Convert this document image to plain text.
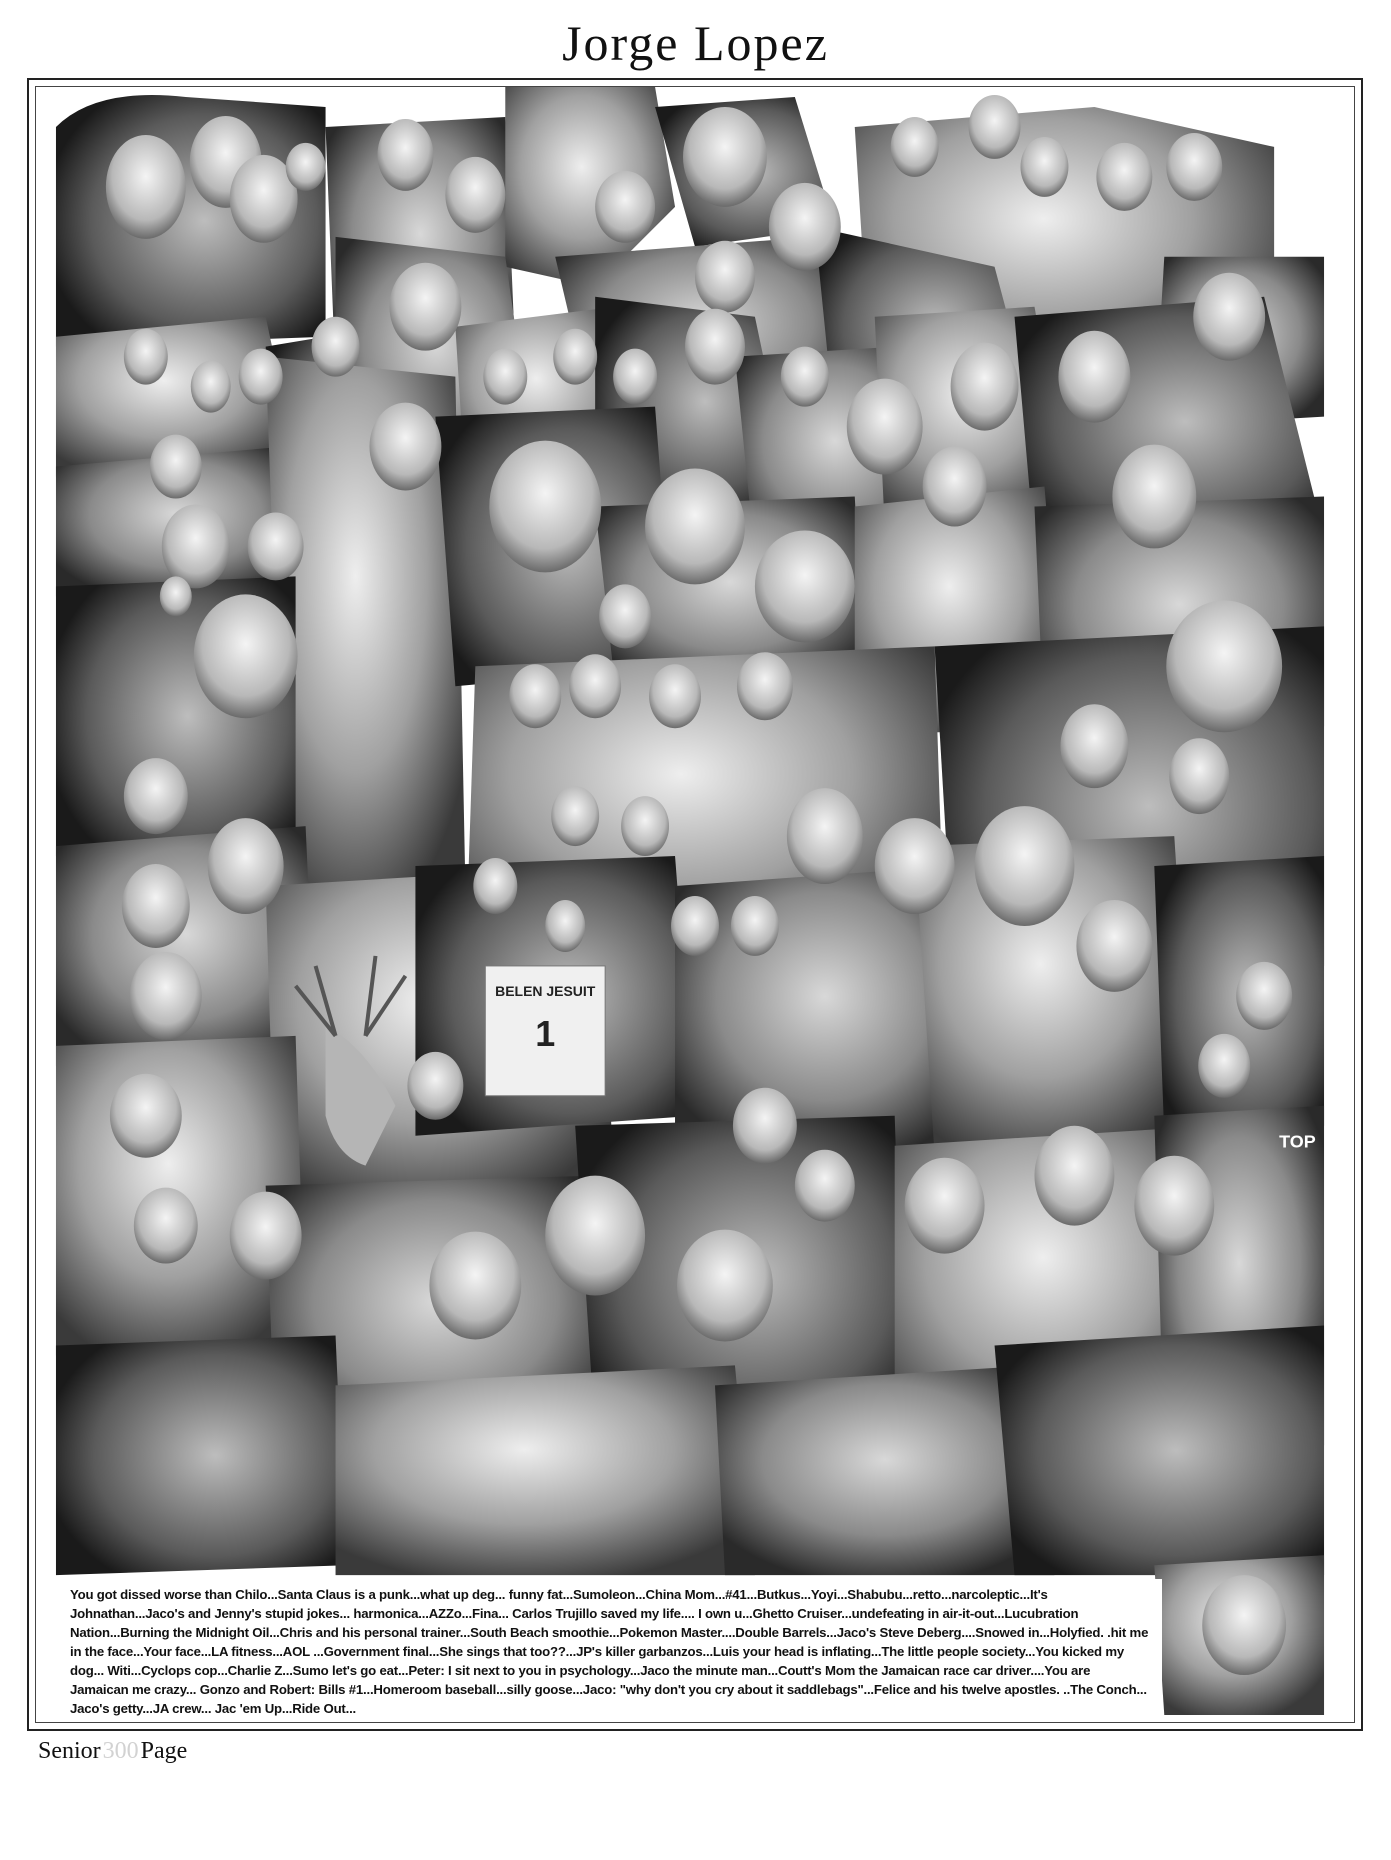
Jorge Lopez
BELEN JESUIT
1
TOP
You got dissed worse than Chilo...Santa Claus is a punk...what up deg... funny fat...Sumoleon...China Mom...#41...Butkus...Yoyi...Shabubu...retto...narcoleptic...It's Johnathan...Jaco's and Jenny's stupid jokes... harmonica...AZZo...Fina... Carlos Trujillo saved my life.... I own u...Ghetto Cruiser...undefeating in air-it-out...Lucubration Nation...Burning the Midnight Oil...Chris and his personal trainer...South Beach smoothie...Pokemon Master....Double Barrels...Jaco's Steve Deberg....Snowed in...Holyfied. .hit me in the face...Your face...LA fitness...AOL ...Government final...She sings that too??...JP's killer garbanzos...Luis your head is inflating...The little people society...You kicked my dog... Witi...Cyclops cop...Charlie Z...Sumo let's go eat...Peter: I sit next to you in psychology...Jaco the minute man...Coutt's Mom the Jamaican race car driver....You are Jamaican me crazy... Gonzo and Robert: Bills #1...Homeroom baseball...silly goose...Jaco: "why don't you cry about it saddlebags"...Felice and his twelve apostles. ..The Conch... Jaco's getty...JA crew... Jac 'em Up...Ride Out...
Senior300Page
